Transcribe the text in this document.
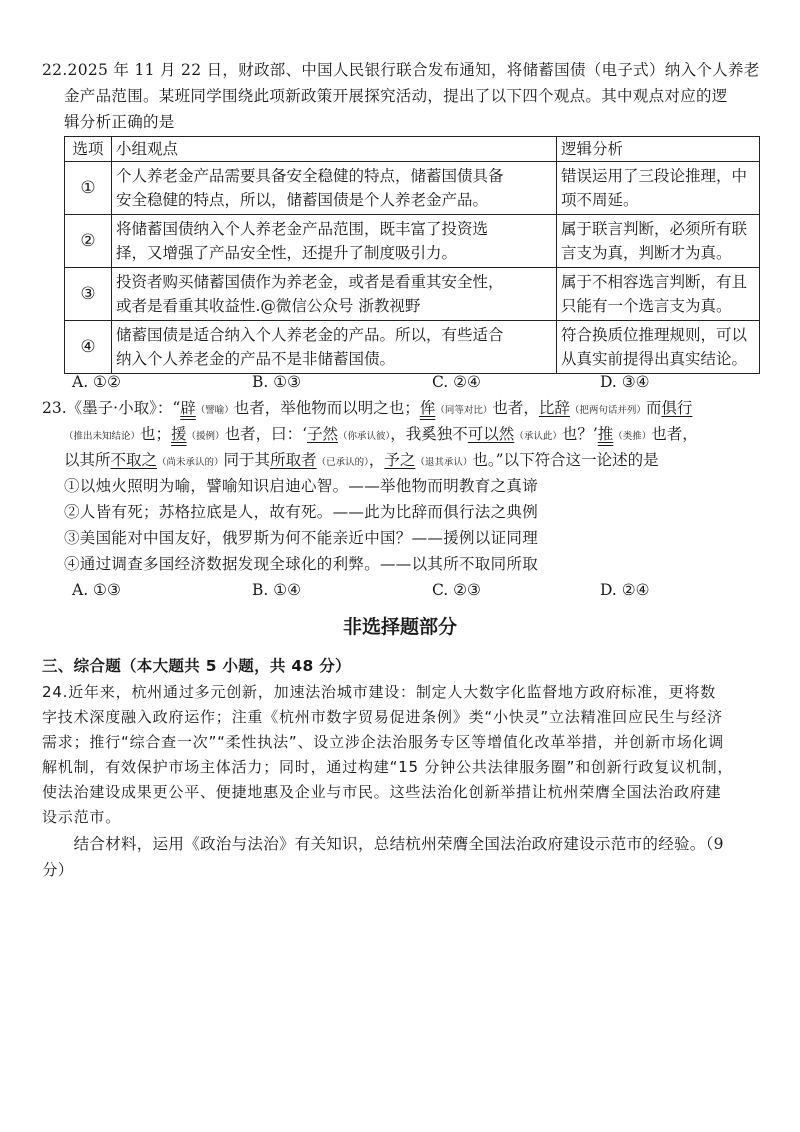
22.2025 年 11 月 22 日，财政部、中国人民银行联合发布通知，将储蓄国债（电子式）纳入个人养老
金产品范围。某班同学围绕此项新政策开展探究活动，提出了以下四个观点。其中观点对应的逻
辑分析正确的是
选项	小组观点	逻辑分析
①	个人养老金产品需要具备安全稳健的特点，储蓄国债具备
安全稳健的特点，所以，储蓄国债是个人养老金产品。	错误运用了三段论推理，中
项不周延。

②	将储蓄国债纳入个人养老金产品范围，既丰富了投资选
择，又增强了产品安全性，还提升了制度吸引力。	属于联言判断，必须所有联
言支为真，判断才为真。

③	投资者购买储蓄国债作为养老金，或者是看重其安全性，
或者是看重其收益性.@微信公众号 浙教视野	属于不相容选言判断，有且
只能有一个选言支为真。

④	储蓄国债是适合纳入个人养老金的产品。所以，有些适合
纳入个人养老金的产品不是非储蓄国债。	符合换质位推理规则，可以
从真实前提得出真实结论。
A. ①②	B. ①③	C. ②④	D. ③④
23.《墨子·小取》：“辟（譬喻）也者，举他物而以明之也；侔（同等对比）也者，比辞（把两句话并列）而俱行
（推出未知结论）也；援（援例）也者，曰：‘子然（你承认彼），我奚独不可以然（承认此）也？’推（类推）也者，
以其所不取之（尚未承认的）同于其所取者（已承认的），予之（退其承认）也。”以下符合这一论述的是
①以烛火照明为喻，譬喻知识启迪心智。——举他物而明教育之真谛
②人皆有死；苏格拉底是人，故有死。——此为比辞而俱行法之典例
③美国能对中国友好，俄罗斯为何不能亲近中国？——援例以证同理
④通过调查多国经济数据发现全球化的利弊。——以其所不取同所取
A. ①③	B. ①④	C. ②③	D. ②④
非选择题部分
三、综合题（本大题共 5 小题，共 48 分）
24.近年来，杭州通过多元创新，加速法治城市建设：制定人大数字化监督地方政府标准，更将数
字技术深度融入政府运作；注重《杭州市数字贸易促进条例》类“小快灵”立法精准回应民生与经济
需求；推行“综合查一次”“柔性执法”、设立涉企法治服务专区等增值化改革举措，并创新市场化调
解机制，有效保护市场主体活力；同时，通过构建“15 分钟公共法律服务圈”和创新行政复议机制，
使法治建设成果更公平、便捷地惠及企业与市民。这些法治化创新举措让杭州荣膺全国法治政府建
设示范市。
　　结合材料，运用《政治与法治》有关知识，总结杭州荣膺全国法治政府建设示范市的经验。（9
分）
